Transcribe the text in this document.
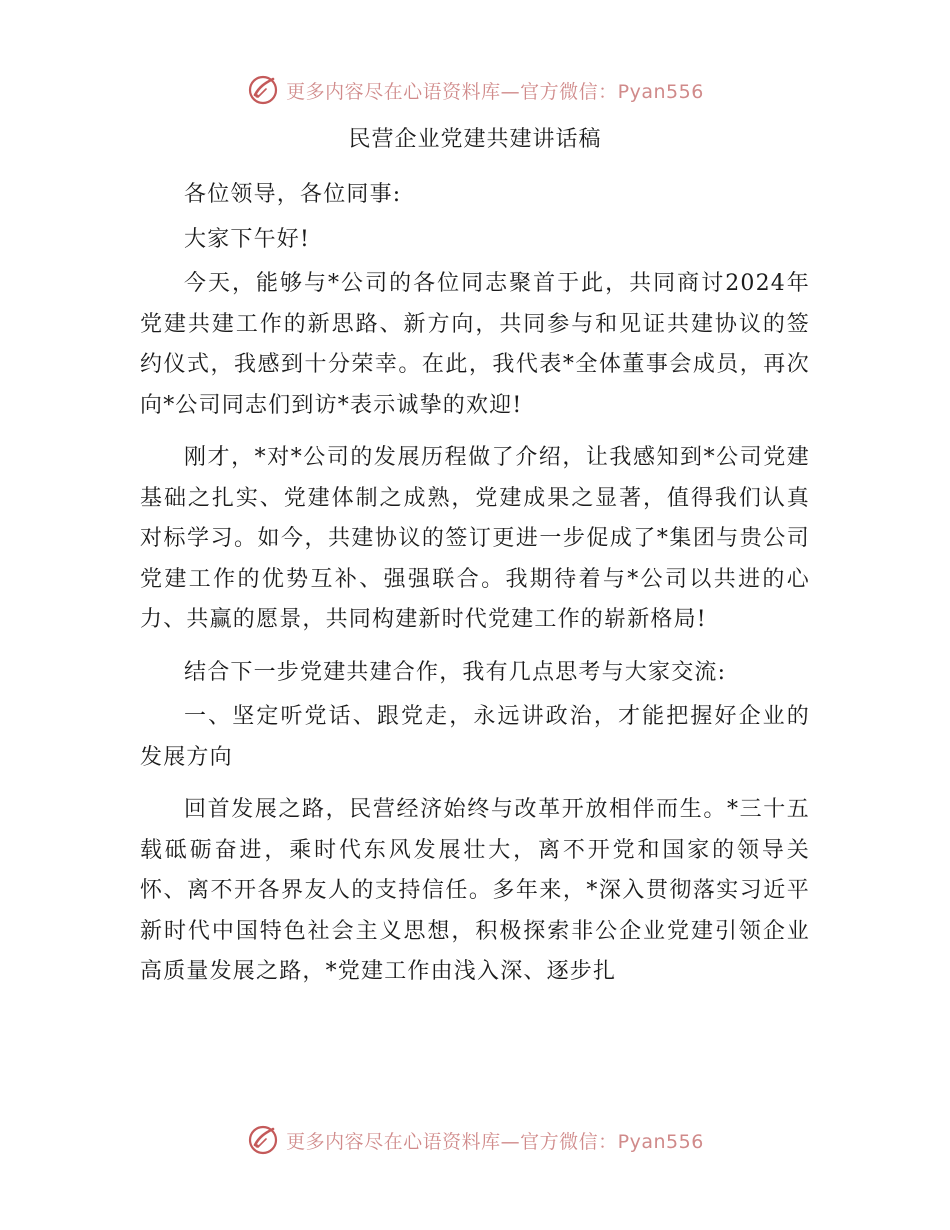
更多内容尽在心语资料库—官方微信：Pyan556
民营企业党建共建讲话稿

各位领导，各位同事:

大家下午好!

今天，能够与*公司的各位同志聚首于此，共同商讨2024年党建共建工作的新思路、新方向，共同参与和见证共建协议的签约仪式，我感到十分荣幸。在此，我代表*全体董事会成员，再次向*公司同志们到访*表示诚挚的欢迎!

刚才，*对*公司的发展历程做了介绍，让我感知到*公司党建基础之扎实、党建体制之成熟，党建成果之显著，值得我们认真对标学习。如今，共建协议的签订更进一步促成了*集团与贵公司党建工作的优势互补、强强联合。我期待着与*公司以共进的心力、共赢的愿景，共同构建新时代党建工作的崭新格局!

结合下一步党建共建合作，我有几点思考与大家交流:

一、坚定听党话、跟党走，永远讲政治，才能把握好企业的发展方向

回首发展之路，民营经济始终与改革开放相伴而生。*三十五载砥砺奋进，乘时代东风发展壮大，离不开党和国家的领导关怀、离不开各界友人的支持信任。多年来，*深入贯彻落实习近平新时代中国特色社会主义思想，积极探索非公企业党建引领企业高质量发展之路，*党建工作由浅入深、逐步扎

更多内容尽在心语资料库—官方微信：Pyan556
